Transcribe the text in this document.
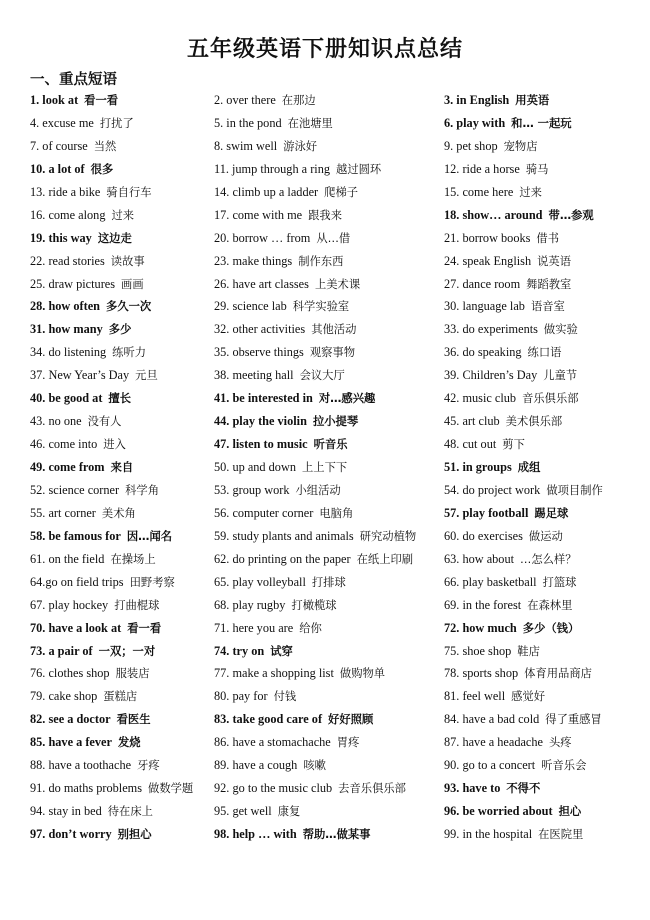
五年级英语下册知识点总结
一、重点短语
1. look at 看一看	2. over there 在那边	3. in English 用英语
4. excuse me 打扰了	5. in the pond 在池塘里	6. play with 和… 一起玩
7. of course 当然	8. swim well 游泳好	9. pet shop 宠物店
10. a lot of 很多	11. jump through a ring 越过圆环	12. ride a horse 骑马
13. ride a bike 骑自行车	14. climb up a ladder 爬梯子	15. come here 过来
16. come along 过来	17. come with me 跟我来	18. show… around 带…参观
19. this way 这边走	20. borrow … from 从…借	21. borrow books 借书
22. read stories 读故事	23. make things 制作东西	24. speak English 说英语
25. draw pictures 画画	26. have art classes 上美术课	27. dance room 舞蹈教室
28. how often 多久一次	29. science lab 科学实验室	30. language lab 语音室
31. how many 多少	32. other activities 其他活动	33. do experiments 做实验
34. do listening 练听力	35. observe things 观察事物	36. do speaking 练口语
37. New Year’s Day 元旦	38. meeting hall 会议大厅	39. Children’s Day 儿童节
40. be good at 擅长	41. be interested in 对…感兴趣	42. music club 音乐俱乐部
43. no one 没有人	44. play the violin 拉小提琴	45. art club 美术俱乐部
46. come into 进入	47. listen to music 听音乐	48. cut out 剪下
49. come from 来自	50. up and down 上上下下	51. in groups 成组
52. science corner 科学角	53. group work 小组活动	54. do project work 做项目制作
55. art corner 美术角	56. computer corner 电脑角	57. play football 踢足球
58. be famous for 因…闻名	59. study plants and animals 研究动植物	60. do exercises 做运动
61. on the field 在操场上	62. do printing on the paper 在纸上印刷	63. how about …怎么样？
64.go on field trips 田野考察	65. play volleyball 打排球	66. play basketball 打篮球
67. play hockey 打曲棍球	68. play rugby 打橄榄球	69. in the forest 在森林里
70. have a look at 看一看	71. here you are 给你	72. how much 多少（钱）
73. a pair of 一双；一对	74. try on 试穿	75. shoe shop 鞋店
76. clothes shop 服装店	77. make a shopping list 做购物单	78. sports shop 体育用品商店
79. cake shop 蛋糕店	80. pay for 付钱	81. feel well 感觉好
82. see a doctor 看医生	83. take good care of 好好照顾	84. have a bad cold 得了重感冒
85. have a fever 发烧	86. have a stomachache 胃疼	87. have a headache 头疼
88. have a toothache 牙疼	89. have a cough 咳嗽	90. go to a concert 听音乐会
91. do maths problems 做数学题	92. go to the music club 去音乐俱乐部	93. have to 不得不
94. stay in bed 待在床上	95. get well 康复	96. be worried about 担心
97. don’t worry 别担心	98. help … with 帮助…做某事	99. in the hospital 在医院里
